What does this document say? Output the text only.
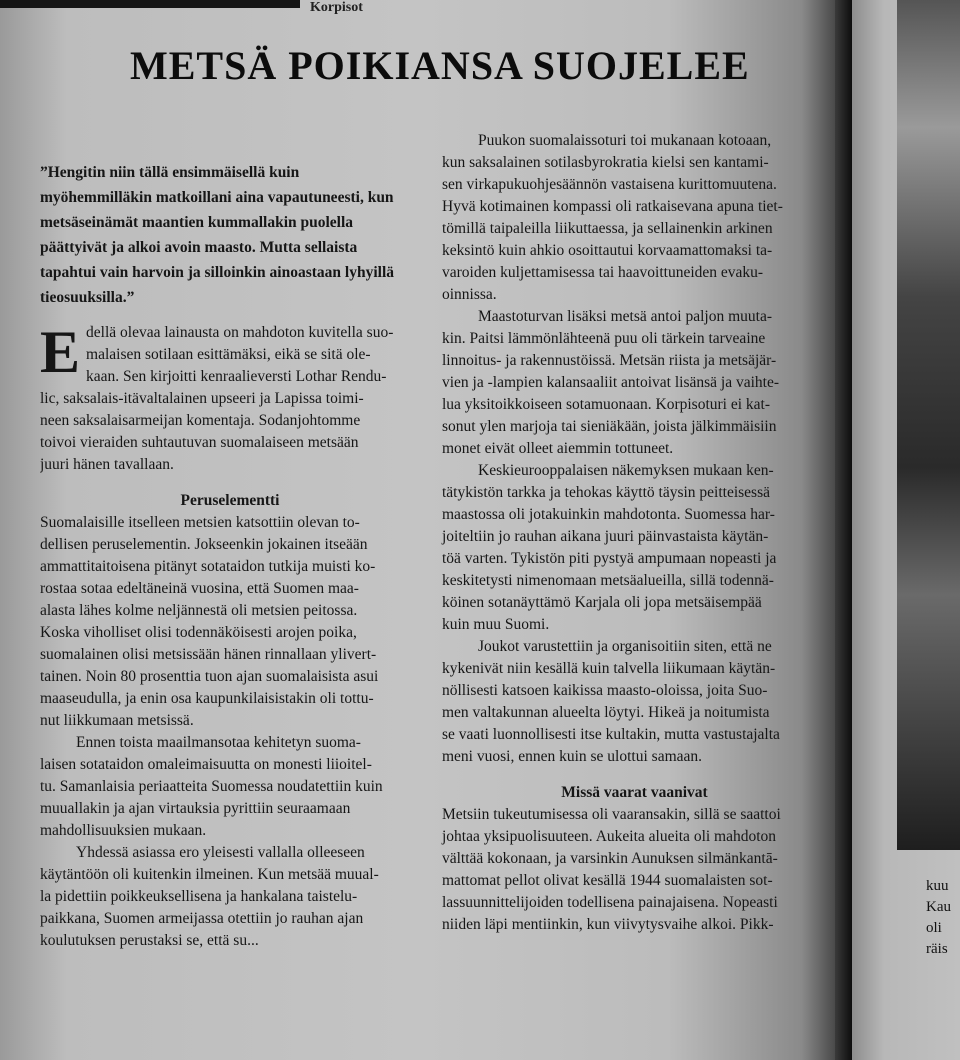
Korpisot
METSÄ POIKIANSA SUOJELEE
”Hengitin niin tällä ensimmäisellä kuin
myöhemmilläkin matkoillani aina vapautuneesti, kun
metsäseinämät maantien kummallakin puolella
päättyivät ja alkoi avoin maasto. Mutta sellaista
tapahtui vain harvoin ja silloinkin ainoastaan lyhyillä
tieosuuksilla.”
E dellä olevaa lainausta on mahdoton kuvitella suo-
malaisen sotilaan esittämäksi, eikä se sitä ole-
kaan. Sen kirjoitti kenraalieversti Lothar Rendu-
lic, saksalais-itävaltalainen upseeri ja Lapissa toimi-
neen saksalaisarmeijan komentaja. Sodanjohtomme
toivoi vieraiden suhtautuvan suomalaiseen metsään
juuri hänen tavallaan.
Peruselementti
Suomalaisille itselleen metsien katsottiin olevan to-
dellisen peruselementin. Jokseenkin jokainen itseään
ammattitaitoisena pitänyt sotataidon tutkija muisti ko-
rostaa sotaa edeltäneinä vuosina, että Suomen maa-
alasta lähes kolme neljännestä oli metsien peitossa.
Koska viholliset olisi todennäköisesti arojen poika,
suomalainen olisi metsissään hänen rinnallaan ylivert-
tainen. Noin 80 prosenttia tuon ajan suomalaisista asui
maaseudulla, ja enin osa kaupunkilaisistakin oli tottu-
nut liikkumaan metsissä.
Ennen toista maailmansotaa kehitetyn suoma-
laisen sotataidon omaleimaisuutta on monesti liioitel-
tu. Samanlaisia periaatteita Suomessa noudatettiin kuin
muuallakin ja ajan virtauksia pyrittiin seuraamaan
mahdollisuuksien mukaan.
Yhdessä asiassa ero yleisesti vallalla olleeseen
käytäntöön oli kuitenkin ilmeinen. Kun metsää muual-
la pidettiin poikkeuksellisena ja hankalana taistelu-
paikkana, Suomen armeijassa otettiin jo rauhan ajan
koulutuksen perustaksi se, että su...
Puukon suomalaissoturi toi mukanaan kotoaan,
kun saksalainen sotilasbyrokratia kielsi sen kantami-
sen virkapukuohjesäännön vastaisena kurittomuutena.
Hyvä kotimainen kompassi oli ratkaisevana apuna tiet-
tömillä taipaleilla liikuttaessa, ja sellainenkin arkinen
keksintö kuin ahkio osoittautui korvaamattomaksi ta-
varoiden kuljettamisessa tai haavoittuneiden evaku-
oinnissa.
Maastoturvan lisäksi metsä antoi paljon muuta-
kin. Paitsi lämmönlähteenä puu oli tärkein tarveaine
linnoitus- ja rakennustöissä. Metsän riista ja metsäjär-
vien ja -lampien kalansaaliit antoivat lisänsä ja vaihte-
lua yksitoikkoiseen sotamuonaan. Korpisoturi ei kat-
sonut ylen marjoja tai sieniäkään, joista jälkimmäisiin
monet eivät olleet aiemmin tottuneet.
Keskieurooppalaisen näkemyksen mukaan ken-
tätykistön tarkka ja tehokas käyttö täysin peitteisessä
maastossa oli jotakuinkin mahdotonta. Suomessa har-
joiteltiin jo rauhan aikana juuri päinvastaista käytän-
töä varten. Tykistön piti pystyä ampumaan nopeasti ja
keskitetysti nimenomaan metsäalueilla, sillä todennä-
köinen sotanäyttämö Karjala oli jopa metsäisempää
kuin muu Suomi.
Joukot varustettiin ja organisoitiin siten, että ne
kykenivät niin kesällä kuin talvella liikumaan käytän-
nöllisesti katsoen kaikissa maasto-oloissa, joita Suo-
men valtakunnan alueelta löytyi. Hikeä ja noitumista
se vaati luonnollisesti itse kultakin, mutta vastustajalta
meni vuosi, ennen kuin se ulottui samaan.
Missä vaarat vaanivat
Metsiin tukeutumisessa oli vaaransakin, sillä se saattoi
johtaa yksipuolisuuteen. Aukeita alueita oli mahdoton
välttää kokonaan, ja varsinkin Aunuksen silmänkantā-
mattomat pellot olivat kesällä 1944 suomalaisten sot-
lassuunnittelijoiden todellisena painajaisena. Nopeasti
niiden läpi mentiinkin, kun viivytysvaihe alkoi. Pikk-
kuu
Kau
oli
räis
